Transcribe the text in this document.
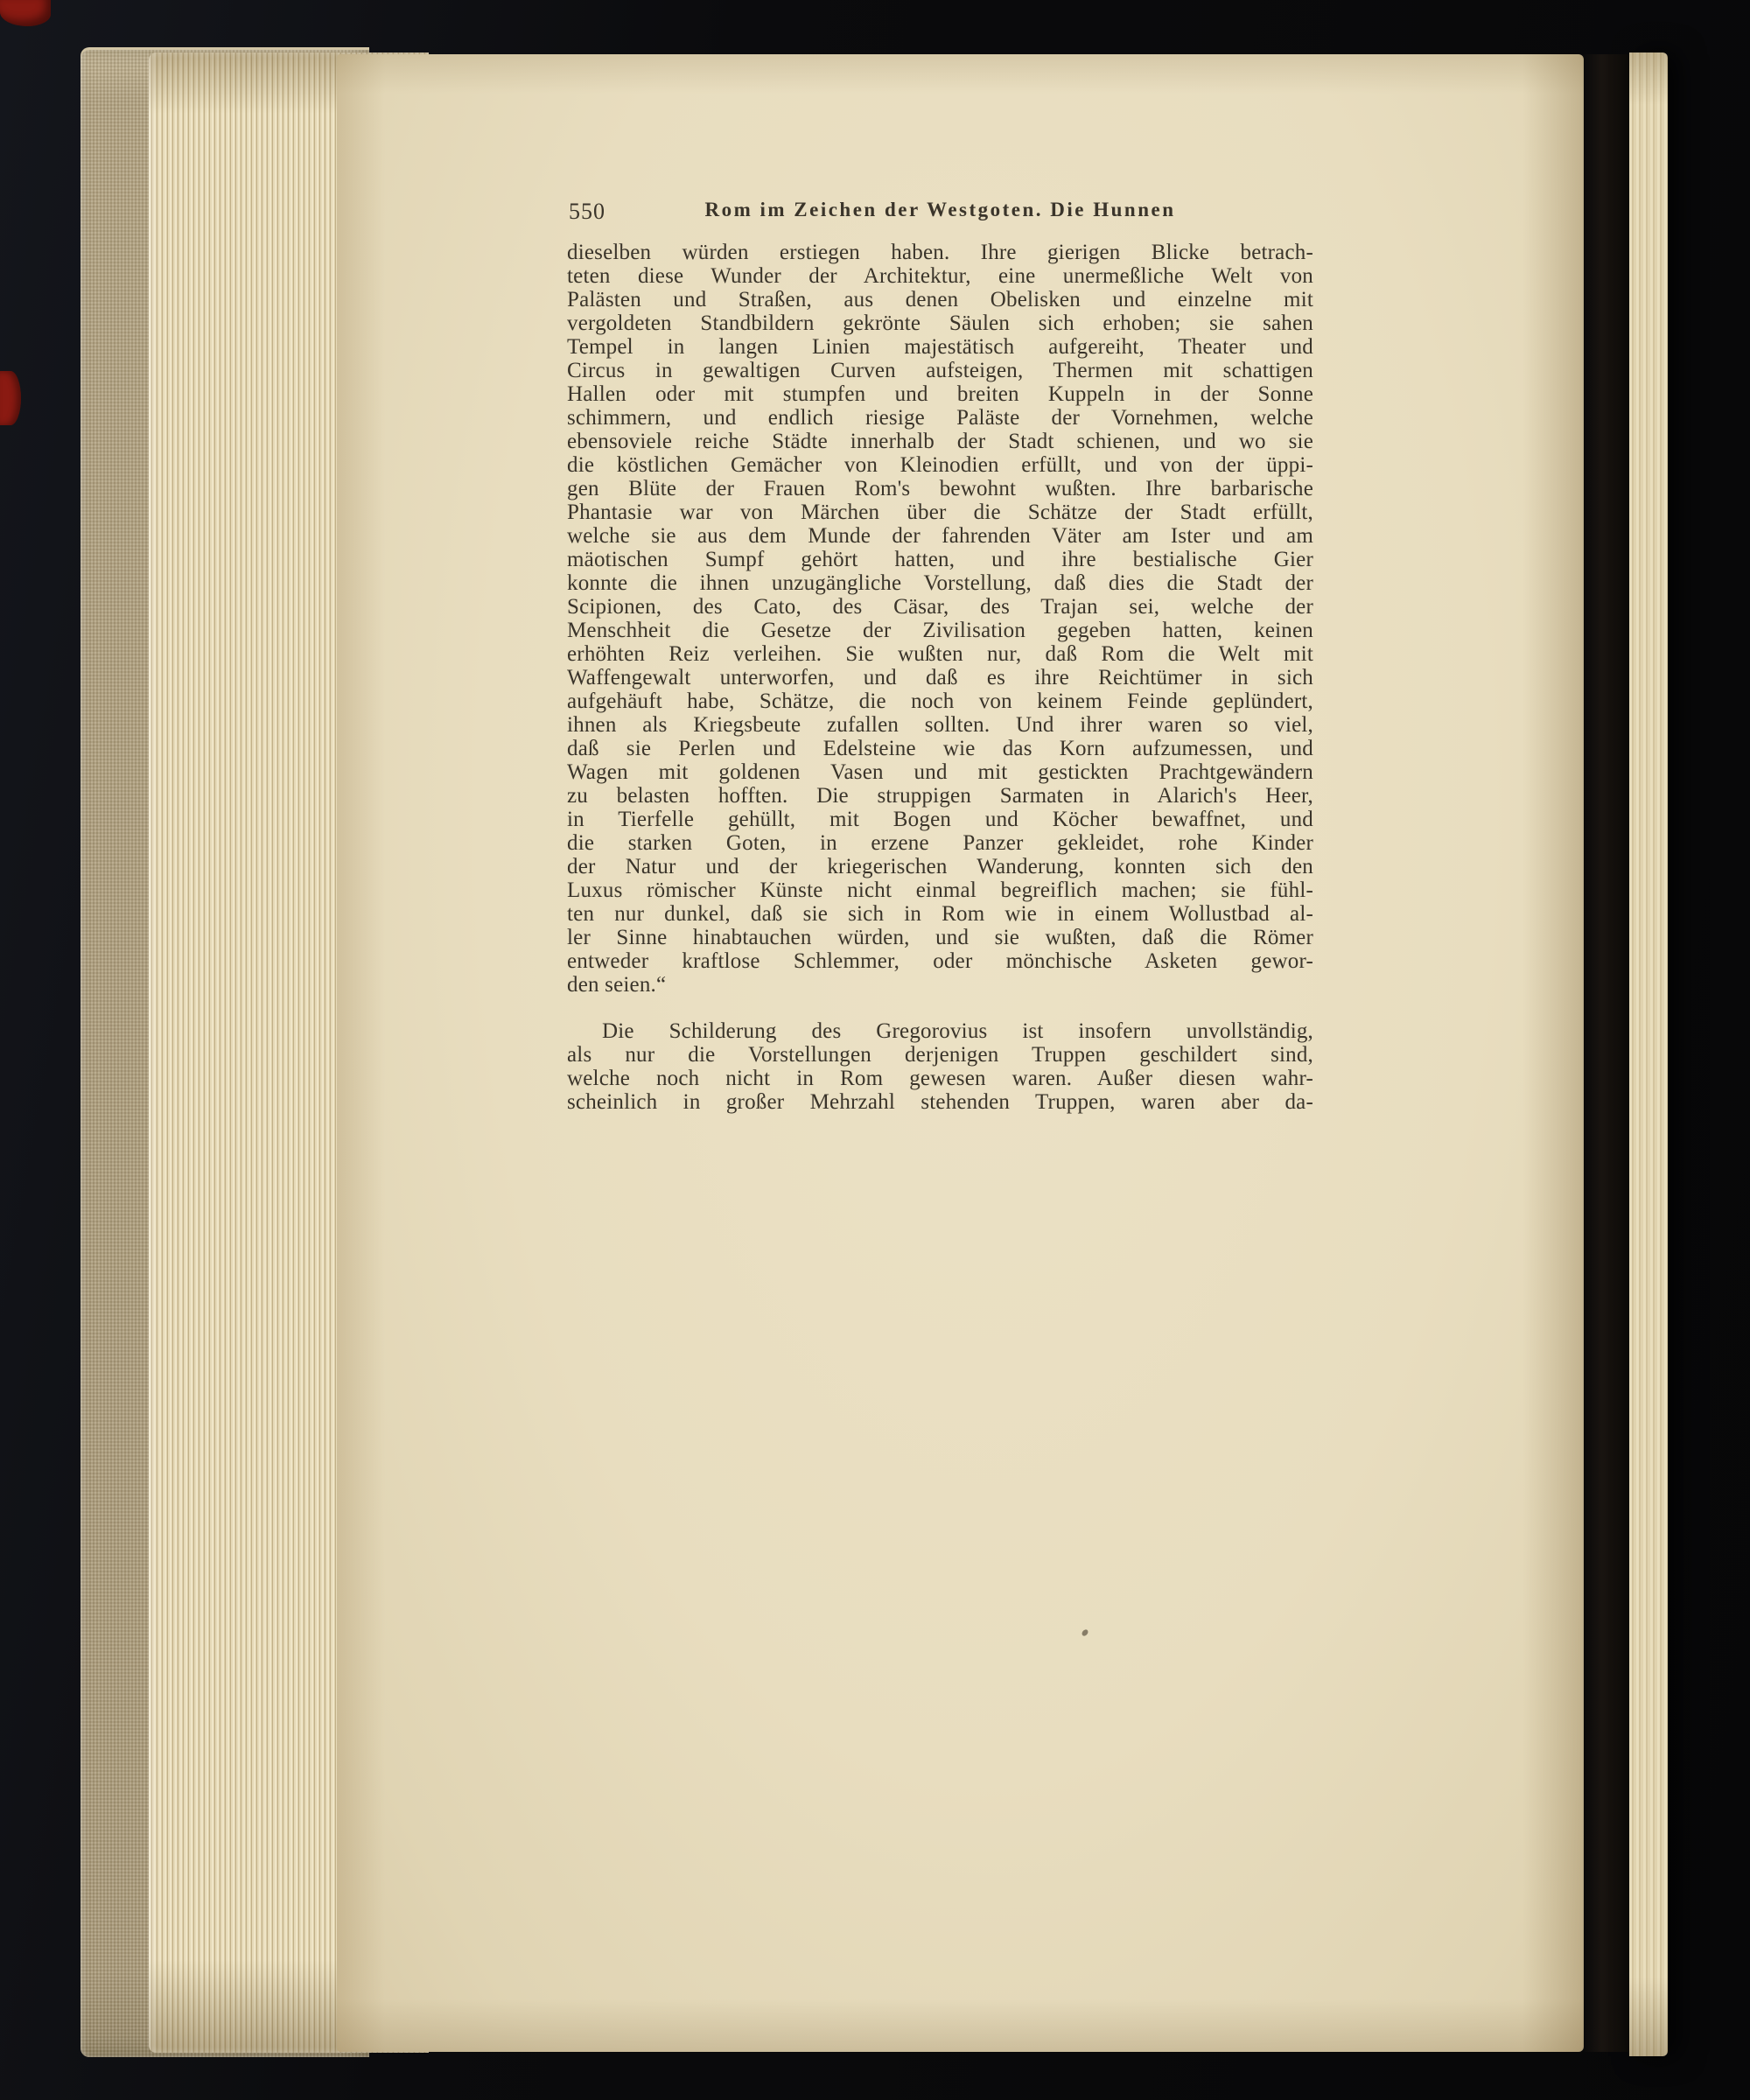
550	Rom im Zeichen der Westgoten. Die Hunnen
dieselben würden erstiegen haben. Ihre gierigen Blicke betrach-
teten diese Wunder der Architektur, eine unermeßliche Welt von
Palästen und Straßen, aus denen Obelisken und einzelne mit
vergoldeten Standbildern gekrönte Säulen sich erhoben; sie sahen
Tempel in langen Linien majestätisch aufgereiht, Theater und
Circus in gewaltigen Curven aufsteigen, Thermen mit schattigen
Hallen oder mit stumpfen und breiten Kuppeln in der Sonne
schimmern, und endlich riesige Paläste der Vornehmen, welche
ebensoviele reiche Städte innerhalb der Stadt schienen, und wo sie
die köstlichen Gemächer von Kleinodien erfüllt, und von der üppi-
gen Blüte der Frauen Rom's bewohnt wußten. Ihre barbarische
Phantasie war von Märchen über die Schätze der Stadt erfüllt,
welche sie aus dem Munde der fahrenden Väter am Ister und am
mäotischen Sumpf gehört hatten, und ihre bestialische Gier
konnte die ihnen unzugängliche Vorstellung, daß dies die Stadt der
Scipionen, des Cato, des Cäsar, des Trajan sei, welche der
Menschheit die Gesetze der Zivilisation gegeben hatten, keinen
erhöhten Reiz verleihen. Sie wußten nur, daß Rom die Welt mit
Waffengewalt unterworfen, und daß es ihre Reichtümer in sich
aufgehäuft habe, Schätze, die noch von keinem Feinde geplündert,
ihnen als Kriegsbeute zufallen sollten. Und ihrer waren so viel,
daß sie Perlen und Edelsteine wie das Korn aufzumessen, und
Wagen mit goldenen Vasen und mit gestickten Prachtgewändern
zu belasten hofften. Die struppigen Sarmaten in Alarich's Heer,
in Tierfelle gehüllt, mit Bogen und Köcher bewaffnet, und
die starken Goten, in erzene Panzer gekleidet, rohe Kinder
der Natur und der kriegerischen Wanderung, konnten sich den
Luxus römischer Künste nicht einmal begreiflich machen; sie fühl-
ten nur dunkel, daß sie sich in Rom wie in einem Wollustbad al-
ler Sinne hinabtauchen würden, und sie wußten, daß die Römer
entweder kraftlose Schlemmer, oder mönchische Asketen gewor-
den seien.“
Die Schilderung des Gregorovius ist insofern unvollständig,
als nur die Vorstellungen derjenigen Truppen geschildert sind,
welche noch nicht in Rom gewesen waren. Außer diesen wahr-
scheinlich in großer Mehrzahl stehenden Truppen, waren aber da-
